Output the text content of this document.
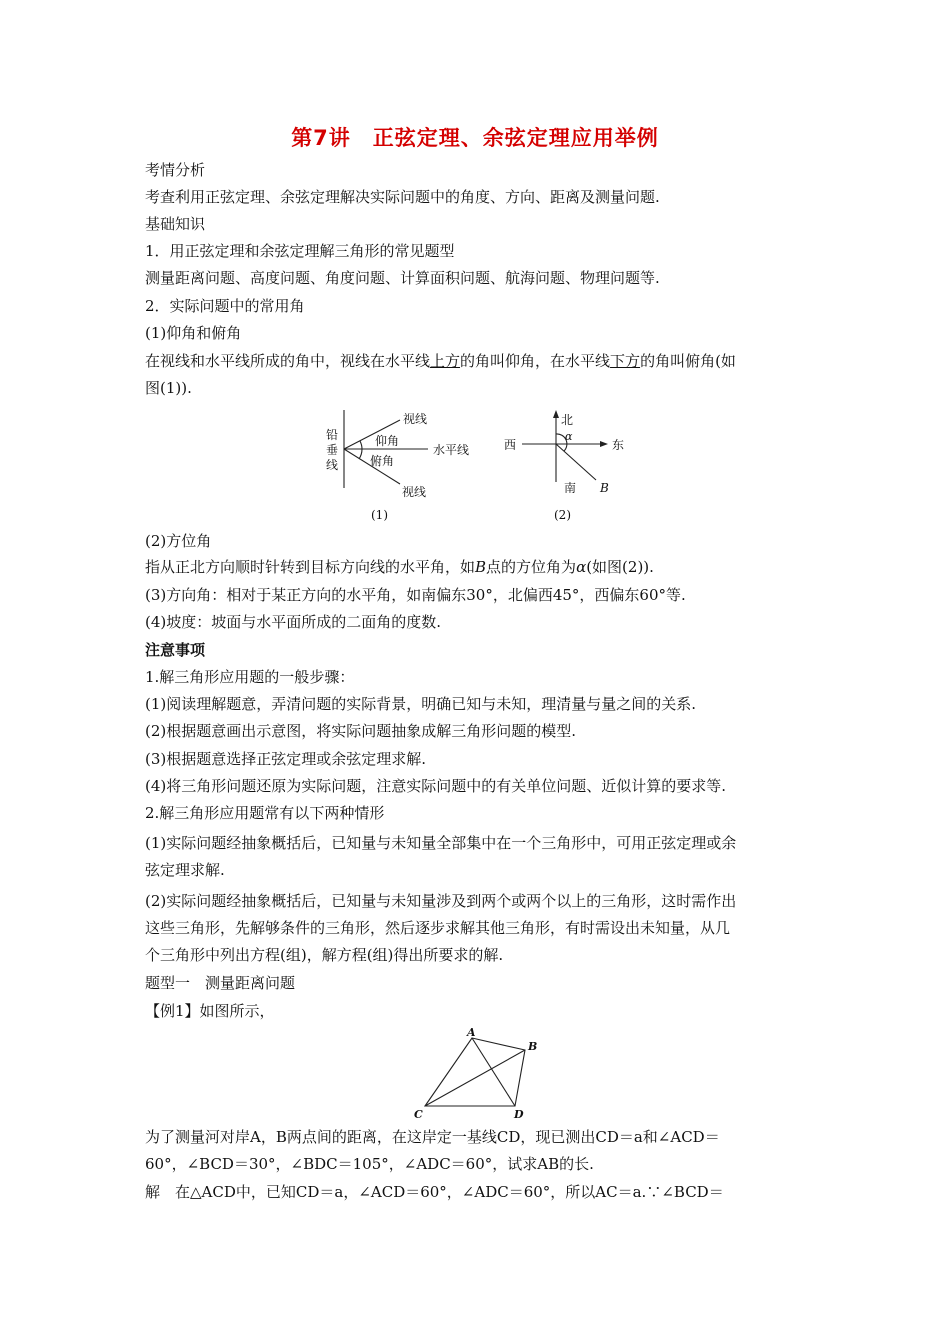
第7讲　正弦定理、余弦定理应用举例
考情分析
考查利用正弦定理、余弦定理解决实际问题中的角度、方向、距离及测量问题.
基础知识
1．用正弦定理和余弦定理解三角形的常见题型
测量距离问题、高度问题、角度问题、计算面积问题、航海问题、物理问题等.
2．实际问题中的常用角
(1)仰角和俯角
在视线和水平线所成的角中，视线在水平线上方的角叫仰角，在水平线下方的角叫俯角(如
图(1)).
铅
垂
线
视线
仰角
水平线
俯角
视线
(1)
北
α
西	东
南 B
(2)
(2)方位角
指从正北方向顺时针转到目标方向线的水平角，如B点的方位角为α(如图(2)).
(3)方向角：相对于某正方向的水平角，如南偏东30°，北偏西45°，西偏东60°等.
(4)坡度：坡面与水平面所成的二面角的度数.
注意事项
1.解三角形应用题的一般步骤：
(1)阅读理解题意，弄清问题的实际背景，明确已知与未知，理清量与量之间的关系.
(2)根据题意画出示意图，将实际问题抽象成解三角形问题的模型.
(3)根据题意选择正弦定理或余弦定理求解.
(4)将三角形问题还原为实际问题，注意实际问题中的有关单位问题、近似计算的要求等.
2.解三角形应用题常有以下两种情形
(1)实际问题经抽象概括后，已知量与未知量全部集中在一个三角形中，可用正弦定理或余
弦定理求解.
(2)实际问题经抽象概括后，已知量与未知量涉及到两个或两个以上的三角形，这时需作出
这些三角形，先解够条件的三角形，然后逐步求解其他三角形，有时需设出未知量，从几
个三角形中列出方程(组)，解方程(组)得出所要求的解.
题型一　测量距离问题
【例1】如图所示，
A
B
C	D
为了测量河对岸A，B两点间的距离，在这岸定一基线CD，现已测出CD＝a和∠ACD＝
60°，∠BCD＝30°，∠BDC＝105°，∠ADC＝60°，试求AB的长.
解　在△ACD中，已知CD＝a，∠ACD＝60°，∠ADC＝60°，所以AC＝a.∵∠BCD＝
